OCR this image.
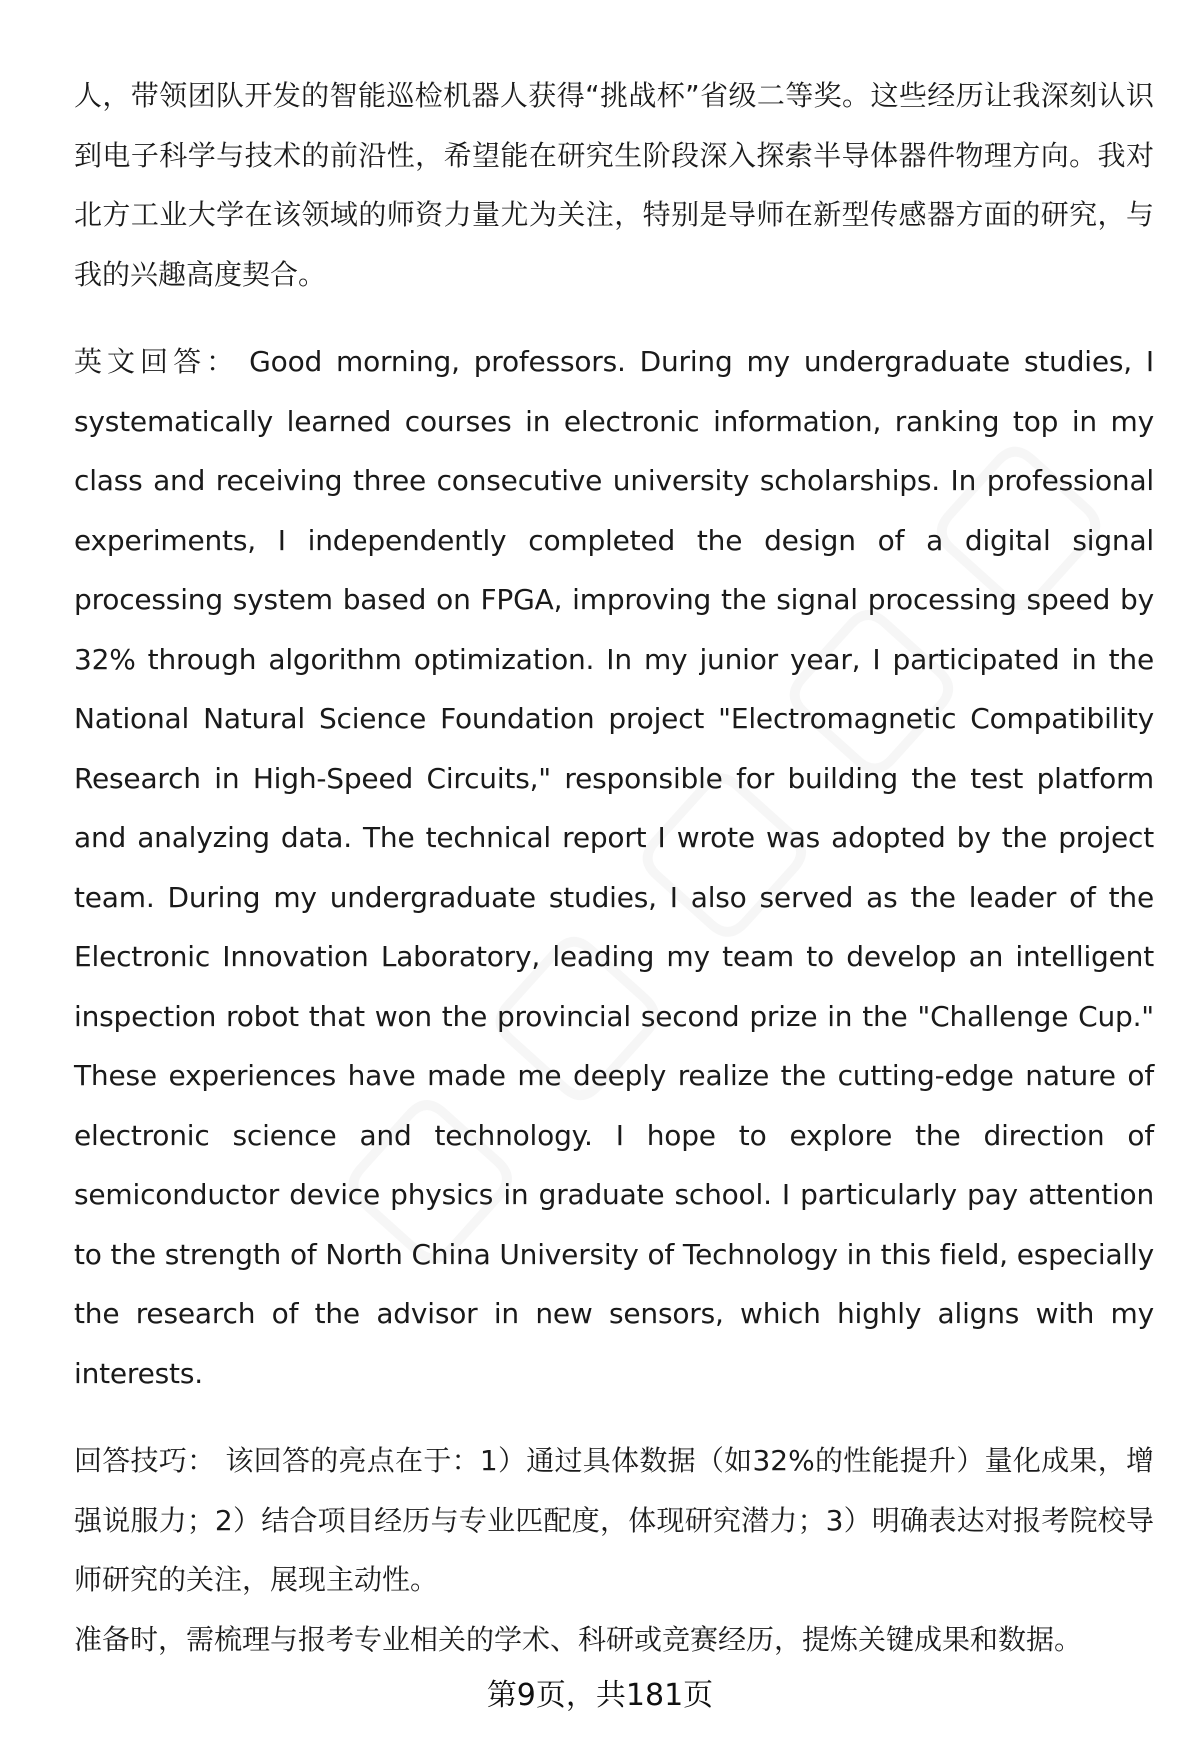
人，带领团队开发的智能巡检机器人获得“挑战杯”省级二等奖。这些经历让我深刻认识到电子科学与技术的前沿性，希望能在研究生阶段深入探索半导体器件物理方向。我对北方工业大学在该领域的师资力量尤为关注，特别是导师在新型传感器方面的研究，与我的兴趣高度契合。

英文回答： Good morning, professors. During my undergraduate studies, I systematically learned courses in electronic information, ranking top in my class and receiving three consecutive university scholarships. In professional experiments, I independently completed the design of a digital signal processing system based on FPGA, improving the signal processing speed by 32% through algorithm optimization. In my junior year, I participated in the National Natural Science Foundation project "Electromagnetic Compatibility Research in High-Speed Circuits," responsible for building the test platform and analyzing data. The technical report I wrote was adopted by the project team. During my undergraduate studies, I also served as the leader of the Electronic Innovation Laboratory, leading my team to develop an intelligent inspection robot that won the provincial second prize in the "Challenge Cup." These experiences have made me deeply realize the cutting-edge nature of electronic science and technology. I hope to explore the direction of semiconductor device physics in graduate school. I particularly pay attention to the strength of North China University of Technology in this field, especially the research of the advisor in new sensors, which highly aligns with my interests.

回答技巧： 该回答的亮点在于：1）通过具体数据（如32%的性能提升）量化成果，增强说服力；2）结合项目经历与专业匹配度，体现研究潜力；3）明确表达对报考院校导师研究的关注，展现主动性。

准备时，需梳理与报考专业相关的学术、科研或竞赛经历，提炼关键成果和数据。

第9页，共181页
